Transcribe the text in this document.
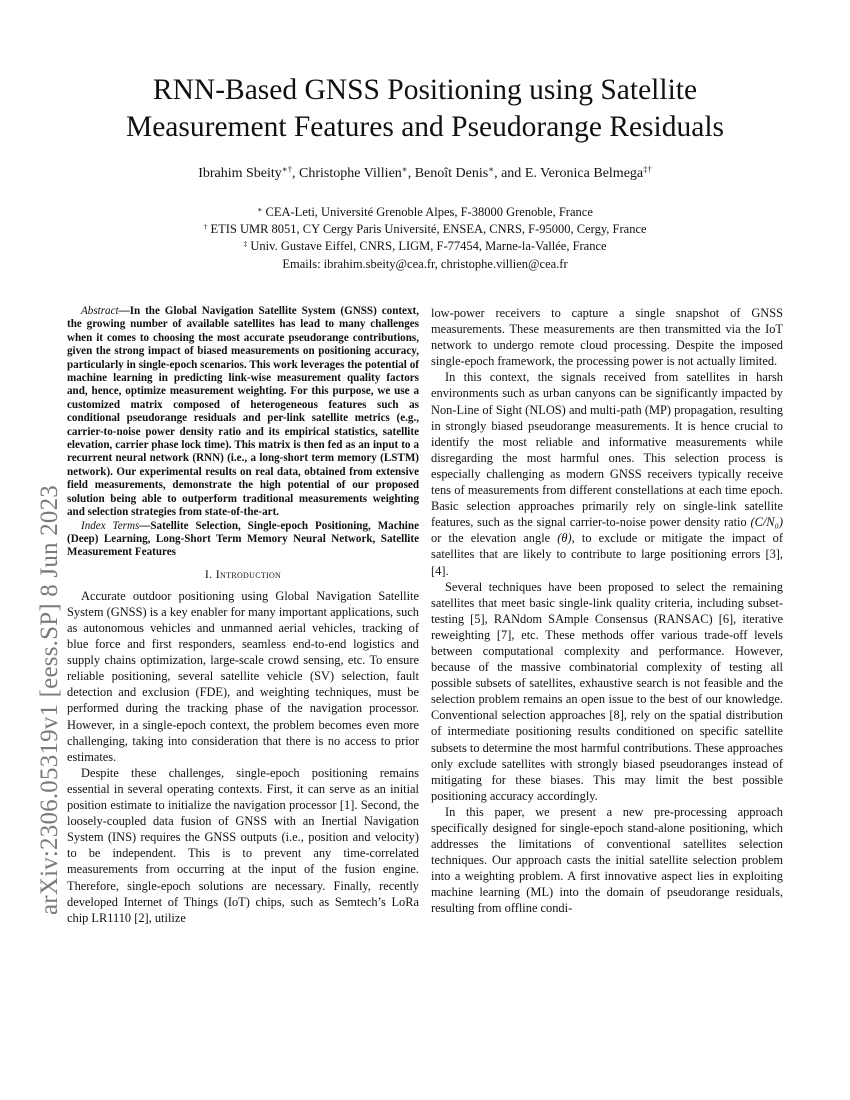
arXiv:2306.05319v1 [eess.SP] 8 Jun 2023
RNN-Based GNSS Positioning using Satellite Measurement Features and Pseudorange Residuals
Ibrahim Sbeity∗†, Christophe Villien∗, Benoît Denis∗, and E. Veronica Belmega‡†
∗ CEA-Leti, Université Grenoble Alpes, F-38000 Grenoble, France
† ETIS UMR 8051, CY Cergy Paris Université, ENSEA, CNRS, F-95000, Cergy, France
‡ Univ. Gustave Eiffel, CNRS, LIGM, F-77454, Marne-la-Vallée, France
Emails: ibrahim.sbeity@cea.fr, christophe.villien@cea.fr

Abstract—In the Global Navigation Satellite System (GNSS) context, the growing number of available satellites has lead to many challenges when it comes to choosing the most accurate pseudorange contributions, given the strong impact of biased measurements on positioning accuracy, particularly in single-epoch scenarios. This work leverages the potential of machine learning in predicting link-wise measurement quality factors and, hence, optimize measurement weighting. For this purpose, we use a customized matrix composed of heterogeneous features such as conditional pseudorange residuals and per-link satellite metrics (e.g., carrier-to-noise power density ratio and its empirical statistics, satellite elevation, carrier phase lock time). This matrix is then fed as an input to a recurrent neural network (RNN) (i.e., a long-short term memory (LSTM) network). Our experimental results on real data, obtained from extensive field measurements, demonstrate the high potential of our proposed solution being able to outperform traditional measurements weighting and selection strategies from state-of-the-art.

Index Terms—Satellite Selection, Single-epoch Positioning, Machine (Deep) Learning, Long-Short Term Memory Neural Network, Satellite Measurement Features

I. Introduction

Accurate outdoor positioning using Global Navigation Satellite System (GNSS) is a key enabler for many important applications, such as autonomous vehicles and unmanned aerial vehicles, tracking of blue force and first responders, seamless end-to-end logistics and supply chains optimization, large-scale crowd sensing, etc. To ensure reliable positioning, several satellite vehicle (SV) selection, fault detection and exclusion (FDE), and weighting techniques, must be performed during the tracking phase of the navigation processor. However, in a single-epoch context, the problem becomes even more challenging, taking into consideration that there is no access to prior estimates.

Despite these challenges, single-epoch positioning remains essential in several operating contexts. First, it can serve as an initial position estimate to initialize the navigation processor [1]. Second, the loosely-coupled data fusion of GNSS with an Inertial Navigation System (INS) requires the GNSS outputs (i.e., position and velocity) to be independent. This is to prevent any time-correlated measurements from occurring at the input of the fusion engine. Therefore, single-epoch solutions are necessary. Finally, recently developed Internet of Things (IoT) chips, such as Semtech’s LoRa chip LR1110 [2], utilize

low-power receivers to capture a single snapshot of GNSS measurements. These measurements are then transmitted via the IoT network to undergo remote cloud processing. Despite the imposed single-epoch framework, the processing power is not actually limited.

In this context, the signals received from satellites in harsh environments such as urban canyons can be significantly impacted by Non-Line of Sight (NLOS) and multi-path (MP) propagation, resulting in strongly biased pseudorange measurements. It is hence crucial to identify the most reliable and informative measurements while disregarding the most harmful ones. This selection process is especially challenging as modern GNSS receivers typically receive tens of measurements from different constellations at each time epoch. Basic selection approaches primarily rely on single-link satellite features, such as the signal carrier-to-noise power density ratio (C/N₀) or the elevation angle (θ), to exclude or mitigate the impact of satellites that are likely to contribute to large positioning errors [3], [4].

Several techniques have been proposed to select the remaining satellites that meet basic single-link quality criteria, including subset-testing [5], RANdom SAmple Consensus (RANSAC) [6], iterative reweighting [7], etc. These methods offer various trade-off levels between computational complexity and performance. However, because of the massive combinatorial complexity of testing all possible subsets of satellites, exhaustive search is not feasible and the selection problem remains an open issue to the best of our knowledge. Conventional selection approaches [8], rely on the spatial distribution of intermediate positioning results conditioned on specific satellite subsets to determine the most harmful contributions. These approaches only exclude satellites with strongly biased pseudoranges instead of mitigating for these biases. This may limit the best possible positioning accuracy accordingly.

In this paper, we present a new pre-processing approach specifically designed for single-epoch stand-alone positioning, which addresses the limitations of conventional satellites selection techniques. Our approach casts the initial satellite selection problem into a weighting problem. A first innovative aspect lies in exploiting machine learning (ML) into the domain of pseudorange residuals, resulting from offline condi-
